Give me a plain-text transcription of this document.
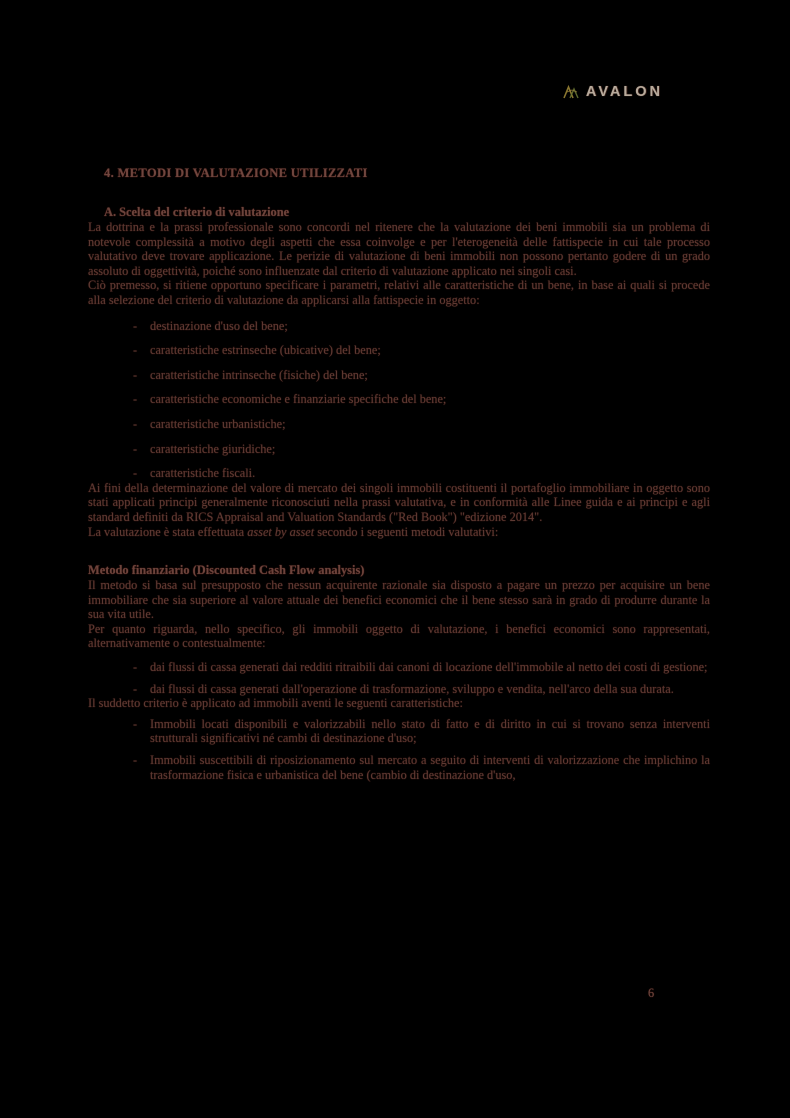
AVALON
4. METODI DI VALUTAZIONE UTILIZZATI
A. Scelta del criterio di valutazione

La dottrina e la prassi professionale sono concordi nel ritenere che la valutazione dei beni immobili sia un problema di notevole complessità a motivo degli aspetti che essa coinvolge e per l'eterogeneità delle fattispecie in cui tale processo valutativo deve trovare applicazione. Le perizie di valutazione di beni immobili non possono pertanto godere di un grado assoluto di oggettività, poiché sono influenzate dal criterio di valutazione applicato nei singoli casi.

Ciò premesso, si ritiene opportuno specificare i parametri, relativi alle caratteristiche di un bene, in base ai quali si procede alla selezione del criterio di valutazione da applicarsi alla fattispecie in oggetto:

- destinazione d'uso del bene;
- caratteristiche estrinseche (ubicative) del bene;
- caratteristiche intrinseche (fisiche) del bene;
- caratteristiche economiche e finanziarie specifiche del bene;
- caratteristiche urbanistiche;
- caratteristiche giuridiche;
- caratteristiche fiscali.

Ai fini della determinazione del valore di mercato dei singoli immobili costituenti il portafoglio immobiliare in oggetto sono stati applicati principi generalmente riconosciuti nella prassi valutativa, e in conformità alle Linee guida e ai principi e agli standard definiti da RICS Appraisal and Valuation Standards ("Red Book") "edizione 2014".

La valutazione è stata effettuata asset by asset secondo i seguenti metodi valutativi:

Metodo finanziario (Discounted Cash Flow analysis)

Il metodo si basa sul presupposto che nessun acquirente razionale sia disposto a pagare un prezzo per acquisire un bene immobiliare che sia superiore al valore attuale dei benefici economici che il bene stesso sarà in grado di produrre durante la sua vita utile.

Per quanto riguarda, nello specifico, gli immobili oggetto di valutazione, i benefici economici sono rappresentati, alternativamente o contestualmente:

- dai flussi di cassa generati dai redditi ritraibili dai canoni di locazione dell'immobile al netto dei costi di gestione;
- dai flussi di cassa generati dall'operazione di trasformazione, sviluppo e vendita, nell'arco della sua durata.

Il suddetto criterio è applicato ad immobili aventi le seguenti caratteristiche:

- Immobili locati disponibili e valorizzabili nello stato di fatto e di diritto in cui si trovano senza interventi strutturali significativi né cambi di destinazione d'uso;
- Immobili suscettibili di riposizionamento sul mercato a seguito di interventi di valorizzazione che implichino la trasformazione fisica e urbanistica del bene (cambio di destinazione d'uso,
6
